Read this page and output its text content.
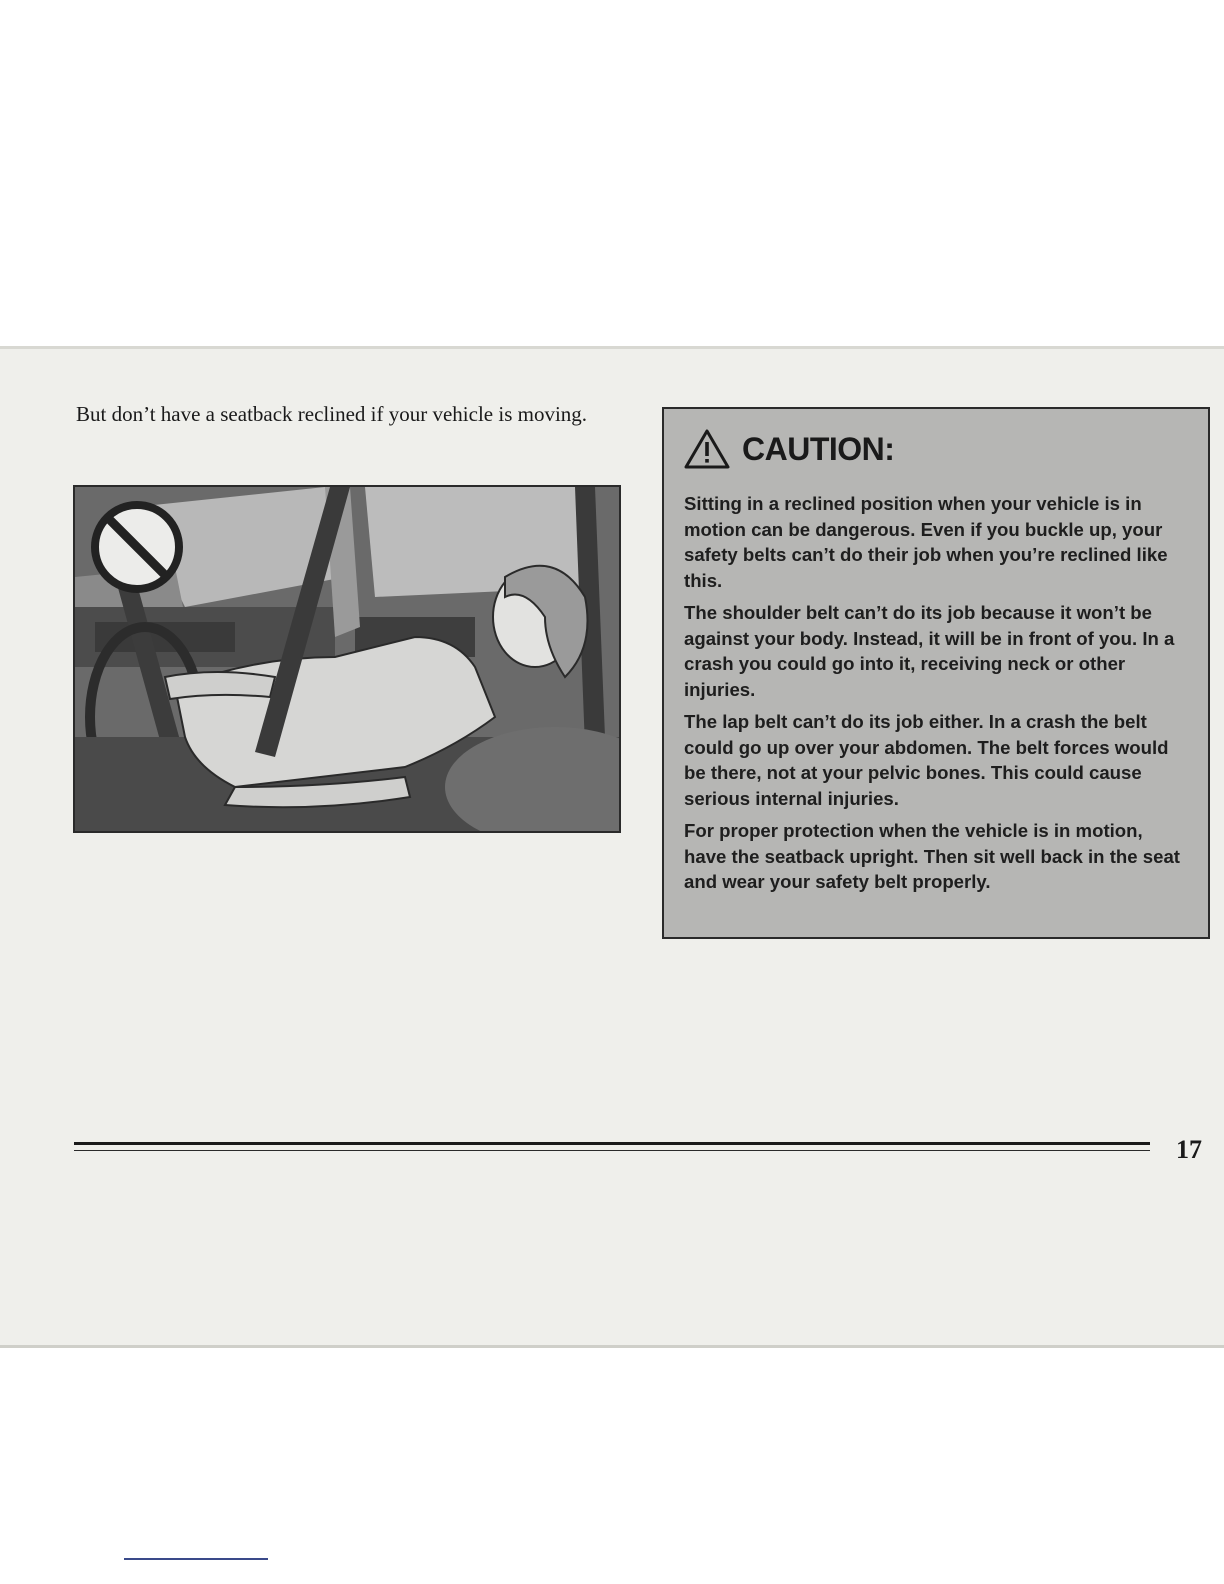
But don’t have a seatback reclined if your vehicle is moving.

CAUTION:

Sitting in a reclined position when your vehicle is in motion can be dangerous. Even if you buckle up, your safety belts can’t do their job when you’re reclined like this.

The shoulder belt can’t do its job because it won’t be against your body. Instead, it will be in front of you. In a crash you could go into it, receiving neck or other injuries.

The lap belt can’t do its job either. In a crash the belt could go up over your abdomen. The belt forces would be there, not at your pelvic bones. This could cause serious internal injuries.

For proper protection when the vehicle is in motion, have the seatback upright. Then sit well back in the seat and wear your safety belt properly.

17
